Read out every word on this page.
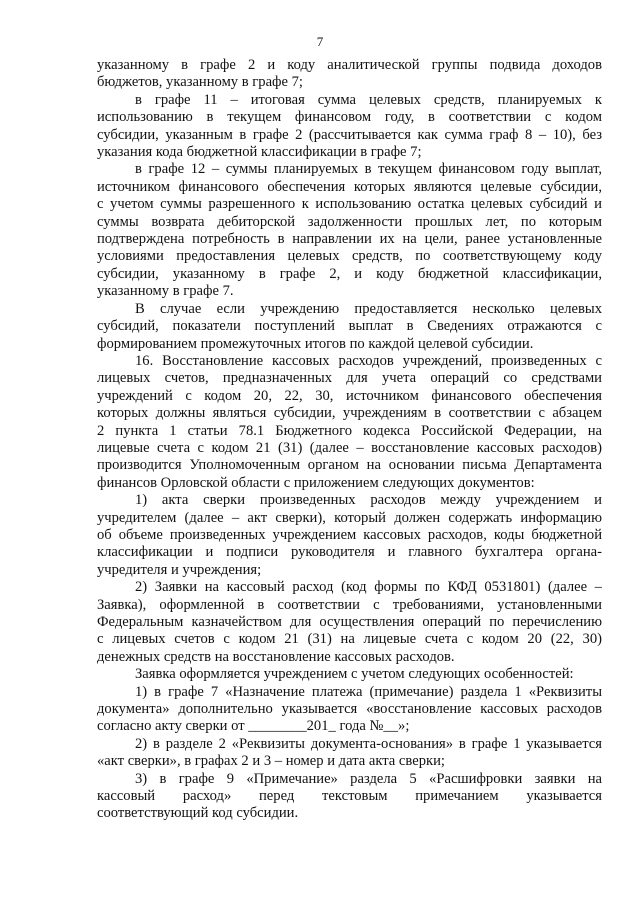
7
указанному в графе 2 и коду аналитической группы подвида доходов
бюджетов, указанному в графе 7;
в графе 11 – итоговая сумма целевых средств, планируемых к
использованию в текущем финансовом году, в соответствии с кодом
субсидии, указанным в графе 2 (рассчитывается как сумма граф 8 – 10), без
указания кода бюджетной классификации в графе 7;
в графе 12 – суммы планируемых в текущем финансовом году выплат,
источником финансового обеспечения которых являются целевые субсидии,
с учетом суммы разрешенного к использованию остатка целевых субсидий и
суммы возврата дебиторской задолженности прошлых лет, по которым
подтверждена потребность в направлении их на цели, ранее установленные
условиями предоставления целевых средств, по соответствующему коду
субсидии, указанному в графе 2, и коду бюджетной классификации,
указанному в графе 7.
В случае если учреждению предоставляется несколько целевых
субсидий, показатели поступлений выплат в Сведениях отражаются с
формированием промежуточных итогов по каждой целевой субсидии.
16. Восстановление кассовых расходов учреждений, произведенных с
лицевых счетов, предназначенных для учета операций со средствами
учреждений с кодом 20, 22, 30, источником финансового обеспечения
которых должны являться субсидии, учреждениям в соответствии с абзацем
2 пункта 1 статьи 78.1 Бюджетного кодекса Российской Федерации, на
лицевые счета с кодом 21 (31) (далее – восстановление кассовых расходов)
производится Уполномоченным органом на основании письма Департамента
финансов Орловской области с приложением следующих документов:
1) акта сверки произведенных расходов между учреждением и
учредителем (далее – акт сверки), который должен содержать информацию
об объеме произведенных учреждением кассовых расходов, коды бюджетной
классификации и подписи руководителя и главного бухгалтера органа-
учредителя и учреждения;
2) Заявки на кассовый расход (код формы по КФД 0531801) (далее –
Заявка), оформленной в соответствии с требованиями, установленными
Федеральным казначейством для осуществления операций по перечислению
с лицевых счетов с кодом 21 (31) на лицевые счета с кодом 20 (22, 30)
денежных средств на восстановление кассовых расходов.
Заявка оформляется учреждением с учетом следующих особенностей:
1) в графе 7 «Назначение платежа (примечание) раздела 1 «Реквизиты
документа» дополнительно указывается «восстановление кассовых расходов
согласно акту сверки от ________201_ года №__»;
2) в разделе 2 «Реквизиты документа-основания» в графе 1 указывается
«акт сверки», в графах 2 и 3 – номер и дата акта сверки;
3) в графе 9 «Примечание» раздела 5 «Расшифровки заявки на
кассовый расход» перед текстовым примечанием указывается
соответствующий код субсидии.
